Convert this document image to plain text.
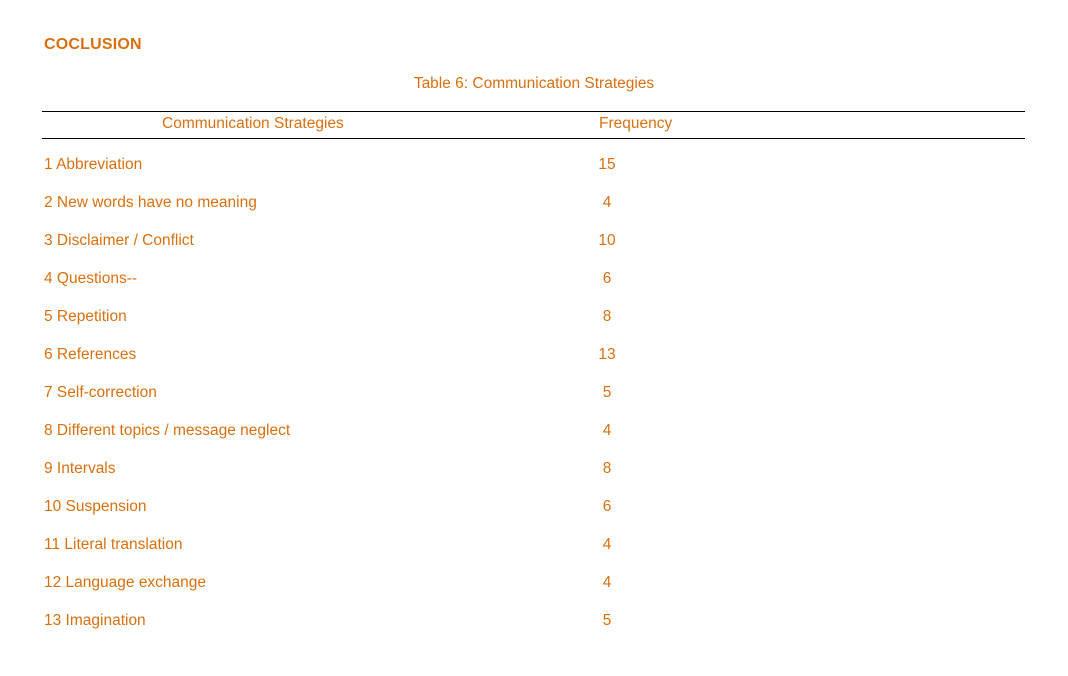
COCLUSION
Table 6: Communication Strategies
Communication Strategies	Frequency
1 Abbreviation	15
2 New words have no meaning	4
3 Disclaimer / Conflict	10
4 Questions--	6
5 Repetition	8
6 References	13
7 Self-correction	5
8 Different topics / message neglect	4
9 Intervals	8
10 Suspension	6
11 Literal translation	4
12 Language exchange	4
13 Imagination	5
